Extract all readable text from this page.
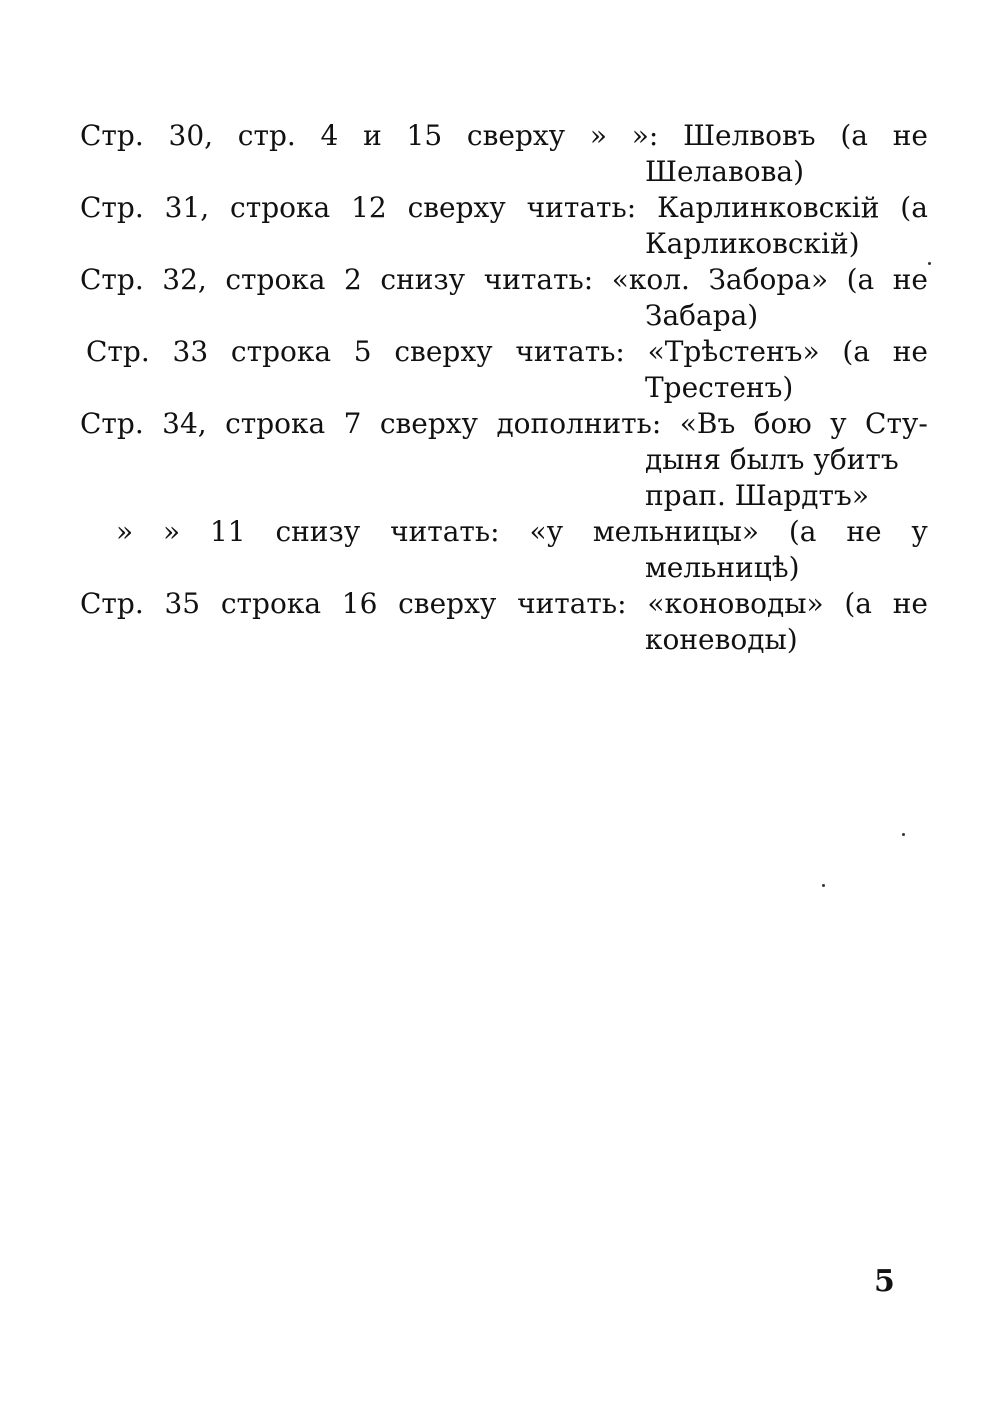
Стр. 30, стр. 4 и 15 сверху » »: Шелвовъ (а не
Шелавова)
Стр. 31, строка 12 сверху читать: Карлинковскій (а
Карликовскій)
Стр. 32, строка 2 снизу читать: «кол. Забора» (а не
Забара)
Стр. 33 строка 5 сверху читать: «Трѣстенъ» (а не
Трестенъ)
Стр. 34, строка 7 сверху дополнить: «Въ бою у Сту-
дыня былъ убитъ
прап. Шардтъ»
» » 11 снизу читать: «у мельницы» (а не у
мельницѣ)
Стр. 35 строка 16 сверху читать: «коноводы» (а не
коневоды)
5
